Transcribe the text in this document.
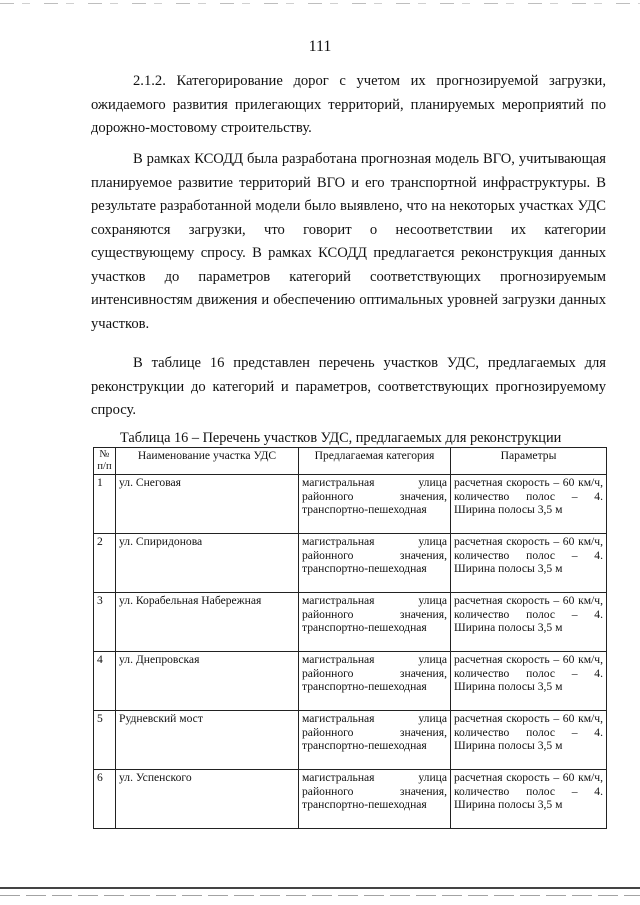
111

2.1.2. Категорирование дорог с учетом их прогнозируемой загрузки, ожидаемого развития прилегающих территорий, планируемых мероприятий по дорожно-мостовому строительству.

В рамках КСОДД была разработана прогнозная модель ВГО, учитывающая планируемое развитие территорий ВГО и его транспортной инфраструктуры. В результате разработанной модели было выявлено, что на некоторых участках УДС сохраняются загрузки, что говорит о несоответствии их категории существующему спросу. В рамках КСОДД предлагается реконструкция данных участков до параметров категорий соответствующих прогнозируемым интенсивностям движения и обеспечению оптимальных уровней загрузки данных участков.

В таблице 16 представлен перечень участков УДС, предлагаемых для реконструкции до категорий и параметров, соответствующих прогнозируемому спросу.

Таблица 16 – Перечень участков УДС, предлагаемых для реконструкции
№ п/п	Наименование участка УДС	Предлагаемая категория	Параметры
1	ул. Снеговая	магистральная улица районного значения, транспортно-пешеходная	расчетная скорость – 60 км/ч, количество полос – 4. Ширина полосы 3,5 м
2	ул. Спиридонова	магистральная улица районного значения, транспортно-пешеходная	расчетная скорость – 60 км/ч, количество полос – 4. Ширина полосы 3,5 м
3	ул. Корабельная Набережная	магистральная улица районного значения, транспортно-пешеходная	расчетная скорость – 60 км/ч, количество полос – 4. Ширина полосы 3,5 м
4	ул. Днепровская	магистральная улица районного значения, транспортно-пешеходная	расчетная скорость – 60 км/ч, количество полос – 4. Ширина полосы 3,5 м
5	Рудневский мост	магистральная улица районного значения, транспортно-пешеходная	расчетная скорость – 60 км/ч, количество полос – 4. Ширина полосы 3,5 м
6	ул. Успенского	магистральная улица районного значения, транспортно-пешеходная	расчетная скорость – 60 км/ч, количество полос – 4. Ширина полосы 3,5 м
